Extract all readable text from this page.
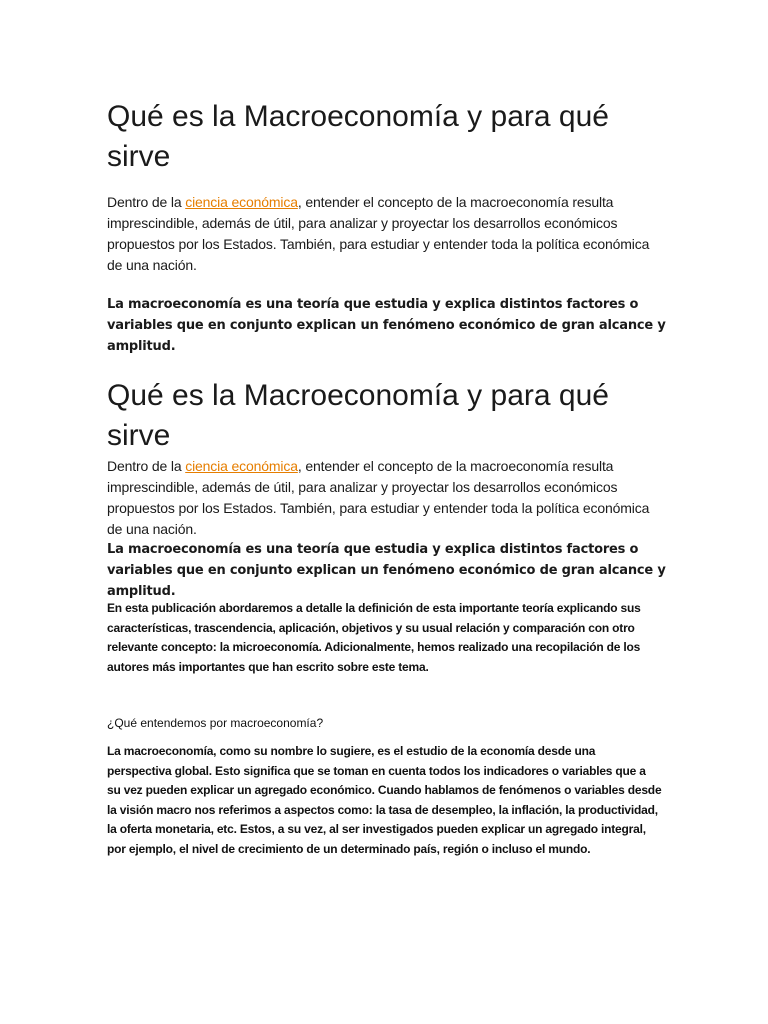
Qué es la Macroeconomía y para qué sirve

Dentro de la ciencia económica, entender el concepto de la macroeconomía resulta imprescindible, además de útil, para analizar y proyectar los desarrollos económicos propuestos por los Estados. También, para estudiar y entender toda la política económica de una nación.

La macroeconomía es una teoría que estudia y explica distintos factores o variables que en conjunto explican un fenómeno económico de gran alcance y amplitud.

Qué es la Macroeconomía y para qué sirve

Dentro de la ciencia económica, entender el concepto de la macroeconomía resulta imprescindible, además de útil, para analizar y proyectar los desarrollos económicos propuestos por los Estados. También, para estudiar y entender toda la política económica de una nación.

La macroeconomía es una teoría que estudia y explica distintos factores o variables que en conjunto explican un fenómeno económico de gran alcance y amplitud.

En esta publicación abordaremos a detalle la definición de esta importante teoría explicando sus características, trascendencia, aplicación, objetivos y su usual relación y comparación con otro relevante concepto: la microeconomía. Adicionalmente, hemos realizado una recopilación de los autores más importantes que han escrito sobre este tema.

¿Qué entendemos por macroeconomía?

La macroeconomía, como su nombre lo sugiere, es el estudio de la economía desde una perspectiva global. Esto significa que se toman en cuenta todos los indicadores o variables que a su vez pueden explicar un agregado económico. Cuando hablamos de fenómenos o variables desde la visión macro nos referimos a aspectos como: la tasa de desempleo, la inflación, la productividad, la oferta monetaria, etc. Estos, a su vez, al ser investigados pueden explicar un agregado integral, por ejemplo, el nivel de crecimiento de un determinado país, región o incluso el mundo.
